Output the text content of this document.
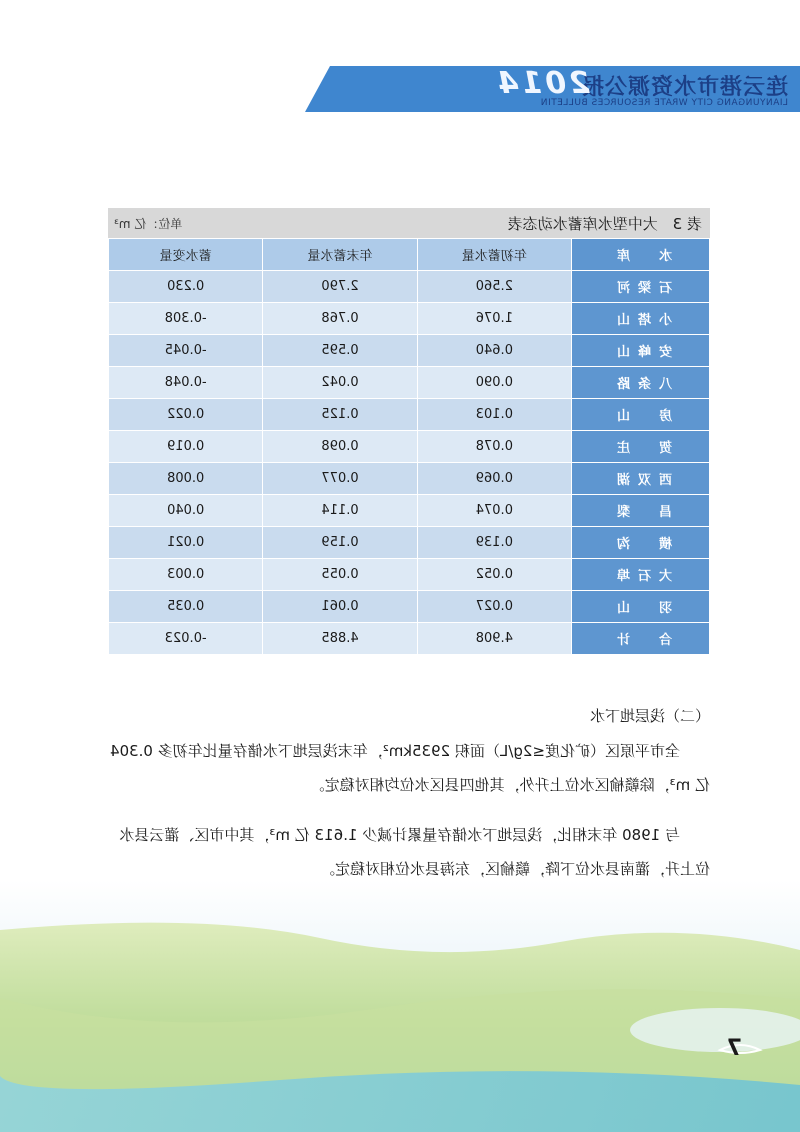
连云港市水资源公报
2014
LIANYUNGANG CITY WRATE RESOURCES BULLETIN
表 3　大中型水库蓄水动态表
单位：亿 m³
水　库	年初蓄水量	年末蓄水量	蓄水变量
石梁河	2.560	2.790	0.230
小塔山	1.076	0.768	-0.308
安峰山	0.640	0.595	-0.045
八条路	0.090	0.042	-0.048
房　山	0.103	0.125	0.022
贺　庄	0.078	0.098	0.019
西双湖	0.069	0.077	0.008
昌　梨	0.074	0.114	0.040
横　沟	0.139	0.159	0.021
大石埠	0.052	0.055	0.003
羽　山	0.027	0.061	0.035
合　计	4.908	4.885	-0.023
（二）浅层地下水
全市平原区（矿化度≤2g/L）面积 2935km²，年末浅层地下水储存量比年初多 0.304 亿 m³，除赣榆区水位上升外，其他四县区水位均相对稳定。
与 1980 年末相比，浅层地下水储存量累计减少 1.613 亿 m³，其中市区、灌云县水位上升，灌南县水位下降，赣榆区，东海县水位相对稳定。
7
